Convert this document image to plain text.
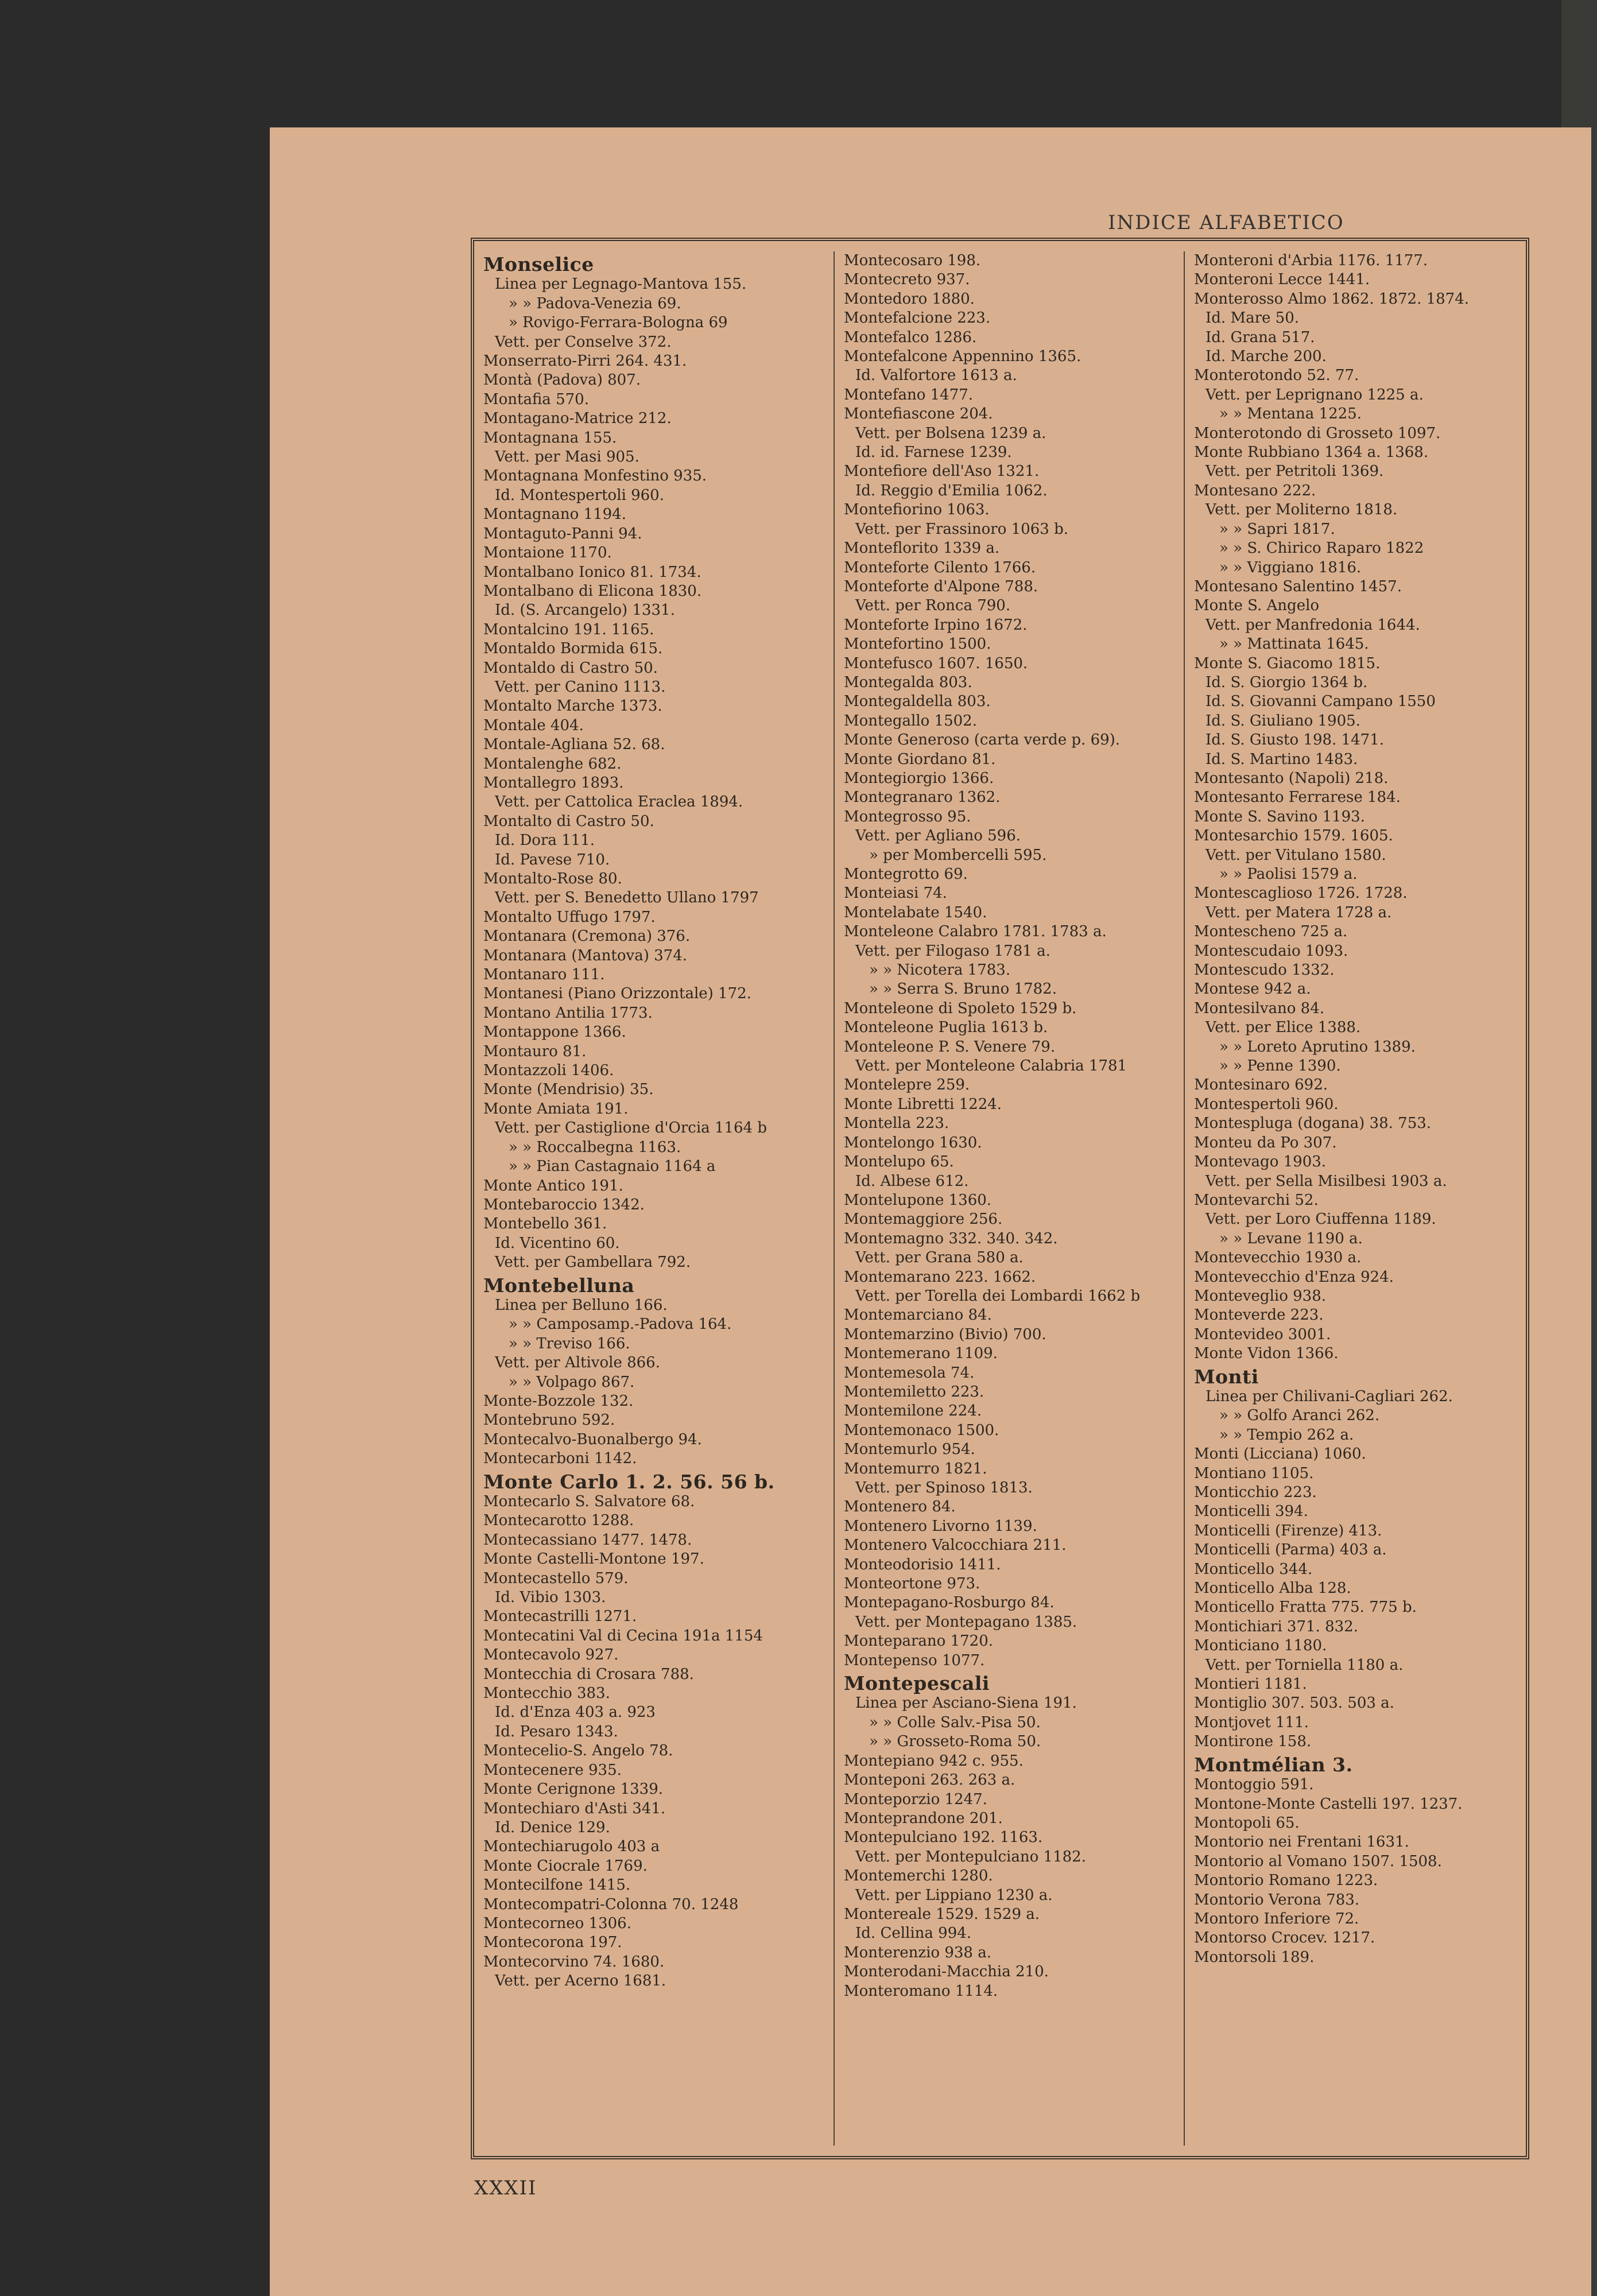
INDICE ALFABETICO
Monselice
Linea per Legnago-Mantova 155.
» » Padova-Venezia 69.
» Rovigo-Ferrara-Bologna 69
Vett. per Conselve 372.
Monserrato-Pirri 264. 431.
Montà (Padova) 807.
Montafia 570.
Montagano-Matrice 212.
Montagnana 155.
Vett. per Masi 905.
Montagnana Monfestino 935.
Id. Montespertoli 960.
Montagnano 1194.
Montaguto-Panni 94.
Montaione 1170.
Montalbano Ionico 81. 1734.
Montalbano di Elicona 1830.
Id. (S. Arcangelo) 1331.
Montalcino 191. 1165.
Montaldo Bormida 615.
Montaldo di Castro 50.
Vett. per Canino 1113.
Montalto Marche 1373.
Montale 404.
Montale-Agliana 52. 68.
Montalenghe 682.
Montallegro 1893.
Vett. per Cattolica Eraclea 1894.
Montalto di Castro 50.
Id. Dora 111.
Id. Pavese 710.
Montalto-Rose 80.
Vett. per S. Benedetto Ullano 1797
Montalto Uffugo 1797.
Montanara (Cremona) 376.
Montanara (Mantova) 374.
Montanaro 111.
Montanesi (Piano Orizzontale) 172.
Montano Antilia 1773.
Montappone 1366.
Montauro 81.
Montazzoli 1406.
Monte (Mendrisio) 35.
Monte Amiata 191.
Vett. per Castiglione d'Orcia 1164 b
» » Roccalbegna 1163.
» » Pian Castagnaio 1164 a
Monte Antico 191.
Montebaroccio 1342.
Montebello 361.
Id. Vicentino 60.
Vett. per Gambellara 792.
Montebelluna
Linea per Belluno 166.
» » Camposamp.-Padova 164.
» » Treviso 166.
Vett. per Altivole 866.
» » Volpago 867.
Monte-Bozzole 132.
Montebruno 592.
Montecalvo-Buonalbergo 94.
Montecarboni 1142.
Monte Carlo 1. 2. 56. 56 b.
Montecarlo S. Salvatore 68.
Montecarotto 1288.
Montecassiano 1477. 1478.
Monte Castelli-Montone 197.
Montecastello 579.
Id. Vibio 1303.
Montecastrilli 1271.
Montecatini Val di Cecina 191a 1154
Montecavolo 927.
Montecchia di Crosara 788.
Montecchio 383.
Id. d'Enza 403 a. 923
Id. Pesaro 1343.
Montecelio-S. Angelo 78.
Montecenere 935.
Monte Cerignone 1339.
Montechiaro d'Asti 341.
Id. Denice 129.
Montechiarugolo 403 a
Monte Ciocrale 1769.
Montecilfone 1415.
Montecompatri-Colonna 70. 1248
Montecorneo 1306.
Montecorona 197.
Montecorvino 74. 1680.
Vett. per Acerno 1681.
Montecosaro 198.
Montecreto 937.
Montedoro 1880.
Montefalcione 223.
Montefalco 1286.
Montefalcone Appennino 1365.
Id. Valfortore 1613 a.
Montefano 1477.
Montefiascone 204.
Vett. per Bolsena 1239 a.
Id. id. Farnese 1239.
Montefiore dell'Aso 1321.
Id. Reggio d'Emilia 1062.
Montefiorino 1063.
Vett. per Frassinoro 1063 b.
Monteflorito 1339 a.
Monteforte Cilento 1766.
Monteforte d'Alpone 788.
Vett. per Ronca 790.
Monteforte Irpino 1672.
Montefortino 1500.
Montefusco 1607. 1650.
Montegalda 803.
Montegaldella 803.
Montegallo 1502.
Monte Generoso (carta verde p. 69).
Monte Giordano 81.
Montegiorgio 1366.
Montegranaro 1362.
Montegrosso 95.
Vett. per Agliano 596.
» per Mombercelli 595.
Montegrotto 69.
Monteiasi 74.
Montelabate 1540.
Monteleone Calabro 1781. 1783 a.
Vett. per Filogaso 1781 a.
» » Nicotera 1783.
» » Serra S. Bruno 1782.
Monteleone di Spoleto 1529 b.
Monteleone Puglia 1613 b.
Monteleone P. S. Venere 79.
Vett. per Monteleone Calabria 1781
Montelepre 259.
Monte Libretti 1224.
Montella 223.
Montelongo 1630.
Montelupo 65.
Id. Albese 612.
Montelupone 1360.
Montemaggiore 256.
Montemagno 332. 340. 342.
Vett. per Grana 580 a.
Montemarano 223. 1662.
Vett. per Torella dei Lombardi 1662 b
Montemarciano 84.
Montemarzino (Bivio) 700.
Montemerano 1109.
Montemesola 74.
Montemiletto 223.
Montemilone 224.
Montemonaco 1500.
Montemurlo 954.
Montemurro 1821.
Vett. per Spinoso 1813.
Montenero 84.
Montenero Livorno 1139.
Montenero Valcocchiara 211.
Monteodorisio 1411.
Monteortone 973.
Montepagano-Rosburgo 84.
Vett. per Montepagano 1385.
Monteparano 1720.
Montepenso 1077.
Montepescali
Linea per Asciano-Siena 191.
» » Colle Salv.-Pisa 50.
» » Grosseto-Roma 50.
Montepiano 942 c. 955.
Monteponi 263. 263 a.
Monteporzio 1247.
Monteprandone 201.
Montepulciano 192. 1163.
Vett. per Montepulciano 1182.
Montemerchi 1280.
Vett. per Lippiano 1230 a.
Montereale 1529. 1529 a.
Id. Cellina 994.
Monterenzio 938 a.
Monterodani-Macchia 210.
Monteromano 1114.
Monteroni d'Arbia 1176. 1177.
Monteroni Lecce 1441.
Monterosso Almo 1862. 1872. 1874.
Id. Mare 50.
Id. Grana 517.
Id. Marche 200.
Monterotondo 52. 77.
Vett. per Leprignano 1225 a.
» » Mentana 1225.
Monterotondo di Grosseto 1097.
Monte Rubbiano 1364 a. 1368.
Vett. per Petritoli 1369.
Montesano 222.
Vett. per Moliterno 1818.
» » Sapri 1817.
» » S. Chirico Raparo 1822
» » Viggiano 1816.
Montesano Salentino 1457.
Monte S. Angelo
Vett. per Manfredonia 1644.
» » Mattinata 1645.
Monte S. Giacomo 1815.
Id. S. Giorgio 1364 b.
Id. S. Giovanni Campano 1550
Id. S. Giuliano 1905.
Id. S. Giusto 198. 1471.
Id. S. Martino 1483.
Montesanto (Napoli) 218.
Montesanto Ferrarese 184.
Monte S. Savino 1193.
Montesarchio 1579. 1605.
Vett. per Vitulano 1580.
» » Paolisi 1579 a.
Montescaglioso 1726. 1728.
Vett. per Matera 1728 a.
Montescheno 725 a.
Montescudaio 1093.
Montescudo 1332.
Montese 942 a.
Montesilvano 84.
Vett. per Elice 1388.
» » Loreto Aprutino 1389.
» » Penne 1390.
Montesinaro 692.
Montespertoli 960.
Montespluga (dogana) 38. 753.
Monteu da Po 307.
Montevago 1903.
Vett. per Sella Misilbesi 1903 a.
Montevarchi 52.
Vett. per Loro Ciuffenna 1189.
» » Levane 1190 a.
Montevecchio 1930 a.
Montevecchio d'Enza 924.
Monteveglio 938.
Monteverde 223.
Montevideo 3001.
Monte Vidon 1366.
Monti
Linea per Chilivani-Cagliari 262.
» » Golfo Aranci 262.
» » Tempio 262 a.
Monti (Licciana) 1060.
Montiano 1105.
Monticchio 223.
Monticelli 394.
Monticelli (Firenze) 413.
Monticelli (Parma) 403 a.
Monticello 344.
Monticello Alba 128.
Monticello Fratta 775. 775 b.
Montichiari 371. 832.
Monticiano 1180.
Vett. per Torniella 1180 a.
Montieri 1181.
Montiglio 307. 503. 503 a.
Montjovet 111.
Montirone 158.
Montmélian 3.
Montoggio 591.
Montone-Monte Castelli 197. 1237.
Montopoli 65.
Montorio nei Frentani 1631.
Montorio al Vomano 1507. 1508.
Montorio Romano 1223.
Montorio Verona 783.
Montoro Inferiore 72.
Montorso Crocev. 1217.
Montorsoli 189.
XXXII
